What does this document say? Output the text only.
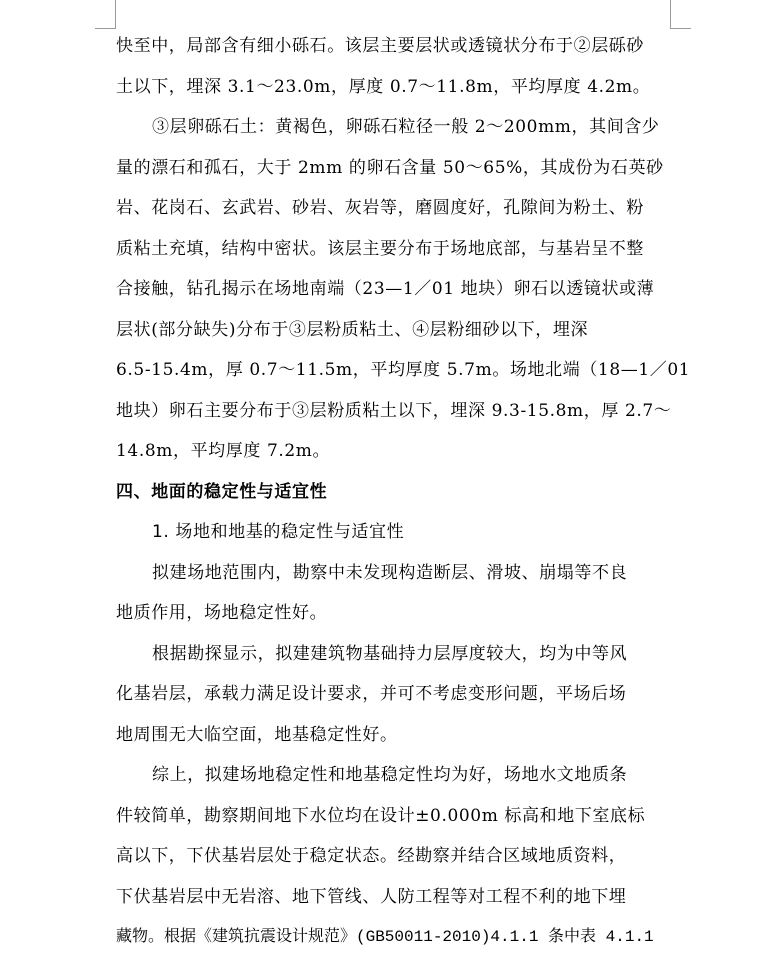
快至中，局部含有细小砾石。该层主要层状或透镜状分布于②层砾砂
土以下，埋深 3.1～23.0m，厚度 0.7～11.8m，平均厚度 4.2m。
③层卵砾石土：黄褐色，卵砾石粒径一般 2～200mm，其间含少
量的漂石和孤石，大于 2mm 的卵石含量 50～65%，其成份为石英砂
岩、花岗石、玄武岩、砂岩、灰岩等，磨圆度好，孔隙间为粉土、粉
质粘土充填，结构中密状。该层主要分布于场地底部，与基岩呈不整
合接触，钻孔揭示在场地南端（23—1／01 地块）卵石以透镜状或薄
层状(部分缺失)分布于③层粉质粘土、④层粉细砂以下，埋深
6.5-15.4m，厚 0.7～11.5m，平均厚度 5.7m。场地北端（18—1／01
地块）卵石主要分布于③层粉质粘土以下，埋深 9.3-15.8m，厚 2.7～
14.8m，平均厚度 7.2m。
四、地面的稳定性与适宜性
1. 场地和地基的稳定性与适宜性
拟建场地范围内，勘察中未发现构造断层、滑坡、崩塌等不良
地质作用，场地稳定性好。
根据勘探显示，拟建建筑物基础持力层厚度较大，均为中等风
化基岩层，承载力满足设计要求，并可不考虑变形问题，平场后场
地周围无大临空面，地基稳定性好。
综上，拟建场地稳定性和地基稳定性均为好，场地水文地质条
件较简单，勘察期间地下水位均在设计±0.000m 标高和地下室底标
高以下，下伏基岩层处于稳定状态。经勘察并结合区域地质资料，
下伏基岩层中无岩溶、地下管线、人防工程等对工程不利的地下埋
藏物。根据《建筑抗震设计规范》(GB50011-2010)4.1.1 条中表 4.1.1
